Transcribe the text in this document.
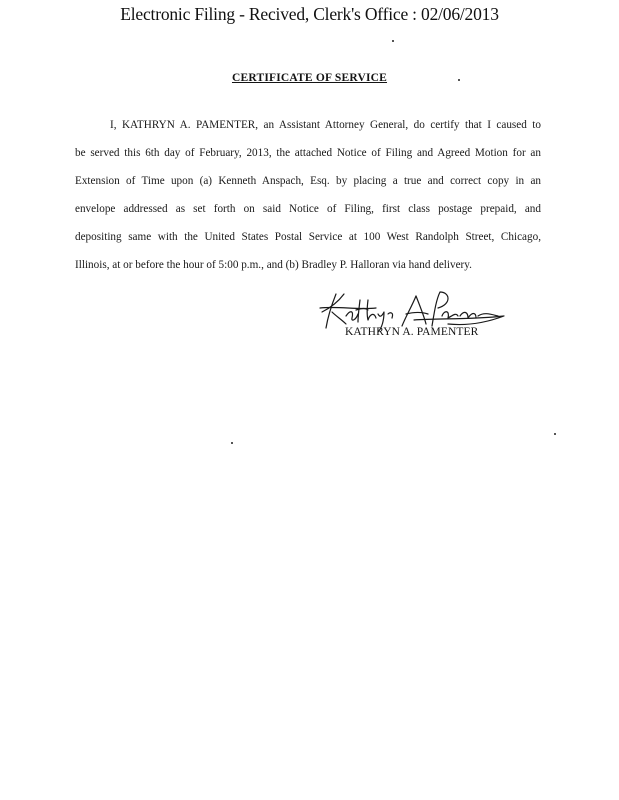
Electronic Filing - Recived, Clerk's Office : 02/06/2013
CERTIFICATE OF SERVICE
I, KATHRYN A. PAMENTER, an Assistant Attorney General, do certify that I caused to
be served this 6th day of February, 2013, the attached Notice of Filing and Agreed Motion for an
Extension of Time upon (a) Kenneth Anspach, Esq. by placing a true and correct copy in an
envelope addressed as set forth on said Notice of Filing, first class postage prepaid, and
depositing same with the United States Postal Service at 100 West Randolph Street, Chicago,
Illinois, at or before the hour of 5:00 p.m., and (b) Bradley P. Halloran via hand delivery.
KATHRYN A. PAMENTER
